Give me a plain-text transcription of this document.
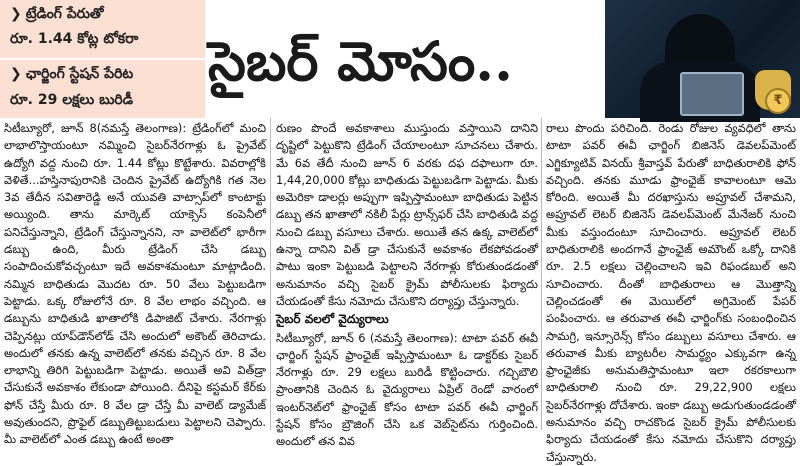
❯ ట్రేడింగ్ పేరుతో
రూ. 1.44 కోట్ల టోకరా
❯ ఛార్జింగ్ స్టేషన్‌ పేరిట
రూ. 29 లక్షలు బురిడీ
సైబర్ మోసం..
₹

సిటీబ్యూరో, జూన్ 8(నమస్తే తెలంగాణ): ట్రేడింగ్‌లో మంచి లాభాలొస్తాయంటూ నమ్మించి సైబర్‌నేరగాళ్లు ఓ ప్రైవేట్ ఉద్యోగి వద్ద నుంచి రూ. 1.44 కోట్లు కొట్టేశారు. వివరాల్లోకి వెళితే...హస్తినాపురానికి చెందిన ప్రైవేట్ ఉద్యోగికి గత నెల 3వ తేదీన సవితారెడ్డి అనే యువతి వాట్సాప్‌లో కాంటాక్టు అయ్యింది. తాను మార్కెట్ యాక్సెస్ కంపెనీలో పనిచేస్తున్నాని, ట్రేడింగ్ చేస్తున్నానని, నా వాలెట్‌లో భారీగా డబ్బు ఉంది, మీరు ట్రేడింగ్ చేసి డబ్బు సంపాదించుకోవచ్చంటూ ఇదే అవకాశమంటూ మాట్లాడింది. నమ్మిన బాధితుడు మొదట రూ. 50 వేలు పెట్టుబడిగా పెట్టాడు. ఒక్క రోజులోనే రూ. 8 వేల లాభం వచ్చింది. ఆ డబ్బును బాధితుడి ఖాతాలోకి డిపాజిట్ చేశారు. నేరగాళ్లు చెప్పినట్లు యాప్‌డౌన్‌లోడ్ చేసి అందులో అకౌంట్ తెరిచాడు. అందులో తనకు ఉన్న వాలెట్‌లో తనకు వచ్చిన రూ. 8 వేల లాభాన్ని తిరిగి పెట్టుబడిగా పెట్టాడు. అయితే అవి విత్‌డ్రా చేసుకునే అవకాశం లేకుండా పోయింది. దీనిపై కస్టమర్ కేర్‌కు ఫోన్ చేస్తే మీరు రూ. 8 వేల డ్రా చేస్తే మీ వాలెట్ డ్యామేజ్ అవుతుందని, ప్రొఫైల్ డబ్బుతిట్టుబడులు పెట్టాలని చెప్పారు. మీ వాలెట్‌లో ఎంత డబ్బు ఉంటే అంతా

రుణం పొందే అవకాశాలు ముస్తుందు వస్తాయిని దానిని దృష్టిలో పెట్టుకొని ట్రేడింగ్ చేయాలంటూ సూచనలు చేశారు. మే 6వ తేదీ నుంచి జూన్ 6 వరకు దఫ దఫాలుగా రూ. 1,44,20,000 కోట్లు బాధితుడు పెట్టుబడిగా పెట్టాడు. మీకు అమెరికా డాలర్లు అప్పుగా ఇప్పిస్తామంటూ బాధితుడు పెట్టిన డబ్బు తన ఖాతాలో నకిలీ పేర్లు ట్రాన్స్‌ఫర్ చేసి బాధితుడి వద్ద నుంచి డబ్బు వసూలు చేశారు. అయితే తన ఉక్క వాలెట్‌లో ఉన్నా దానిని విత్ డ్రా చేసుకునే అవకాశం లేకపోవడంతో పాటు ఇంకా పెట్టుబడి పెట్టాలని నేరగాళ్లు కోరుతుండడంతో అనుమానం వచ్చి సైబర్ క్రైమ్ పోలీసులకు ఫిర్యాదు చేయడంతో కేసు నమోదు చేసుకొని దర్యాప్తు చేస్తున్నారు.

సైబర్ వలలో వైద్యురాలు

సిటీబ్యూరో, జూన్ 6 (నమస్తే తెలంగాణ): టాటా పవర్ ఈవీ ఛార్జింగ్ స్టేషన్ ఫ్రాంఛైజ్ ఇప్పిస్తామంటూ ఓ డాక్టర్‌కు సైబర్ నేరగాళ్లు రూ. 29 లక్షలు బురిడీ కొట్టించారు. గచ్చిబౌలి ప్రాంతానికి చెందిన ఓ వైద్యురాలు ఏప్రిల్ రెండో వారంలో ఇంటర్‌నెట్‌లో ఫ్రాంఛైజ్ కోసం టాటా పవర్ ఈవీ ఛార్జింగ్ స్టేషన్ కోసం బ్రౌజింగ్ చేసి ఒక వెబ్‌సైట్‌ను గుర్తించింది. అందులో తన వివ

రాలు పొందు పరిచింది. రెండు రోజుల వ్యవధిలో తాను టాటా పవర్ ఈవీ ఛార్జింగ్ బిజినెస్ డెవలప్‌మెంట్ ఎగ్జిక్యూటివ్ వినయ్ శ్రీవాస్తవ్ పేరుతో బాధితురాలికి ఫోన్ వచ్చింది. తనకు మూడు ఫ్రాంఛైజ్ కావాలంటూ ఆమె కోరింది. అయితే మీ దరఖాస్తును అప్రూవల్ చేశామని, అప్రూవల్ లెటర్ బిజినెస్ డెవలప్‌మెంట్ మేనేజర్ నుంచి మీకు వస్తుందంటూ సూచించారు. అప్రూవల్ లెటర్ బాధితురాలికి అందగానే ఫ్రాంఛైజ్ అమౌంట్ ఒక్కో దానికి రూ. 2.5 లక్షలు చెల్లించాలని ఇవి రిఫండబుల్ అని సూచించారు. దీంతో బాధితురాలు ఆ మొత్తాన్ని చెల్లించడంతో ఈ మెయిల్‌లో అగ్రిమెంట్ పేపర్ పంపించారు. ఆ తరువాత ఈవీ ఛార్జింగ్‌కు సంబంధించిన సామగ్రి, ఇన్సూరెన్స్ కోసం డబ్బులు వసూలు చేశారు. ఆ తరువాత మీకు బ్యాటరీల సామర్థ్యం ఎక్కువగా ఉన్న ఫ్రాంఛైజీకు అనుమతిస్తామంటూ ఇలా రకరకాలుగా బాధితురాలి నుంచి రూ. 29,22,900 లక్షలు సైబర్‌నేరగాళ్లు దోచేశారు. ఇంకా డబ్బు అడుగుతుండడంతో అనుమానం వచ్చి రాచకొండ సైబర్ క్రైమ్ పోలీసులకు ఫిర్యాదు చేయడంతో కేసు నమోదు చేసుకొని దర్యాప్తు చేస్తున్నారు.
